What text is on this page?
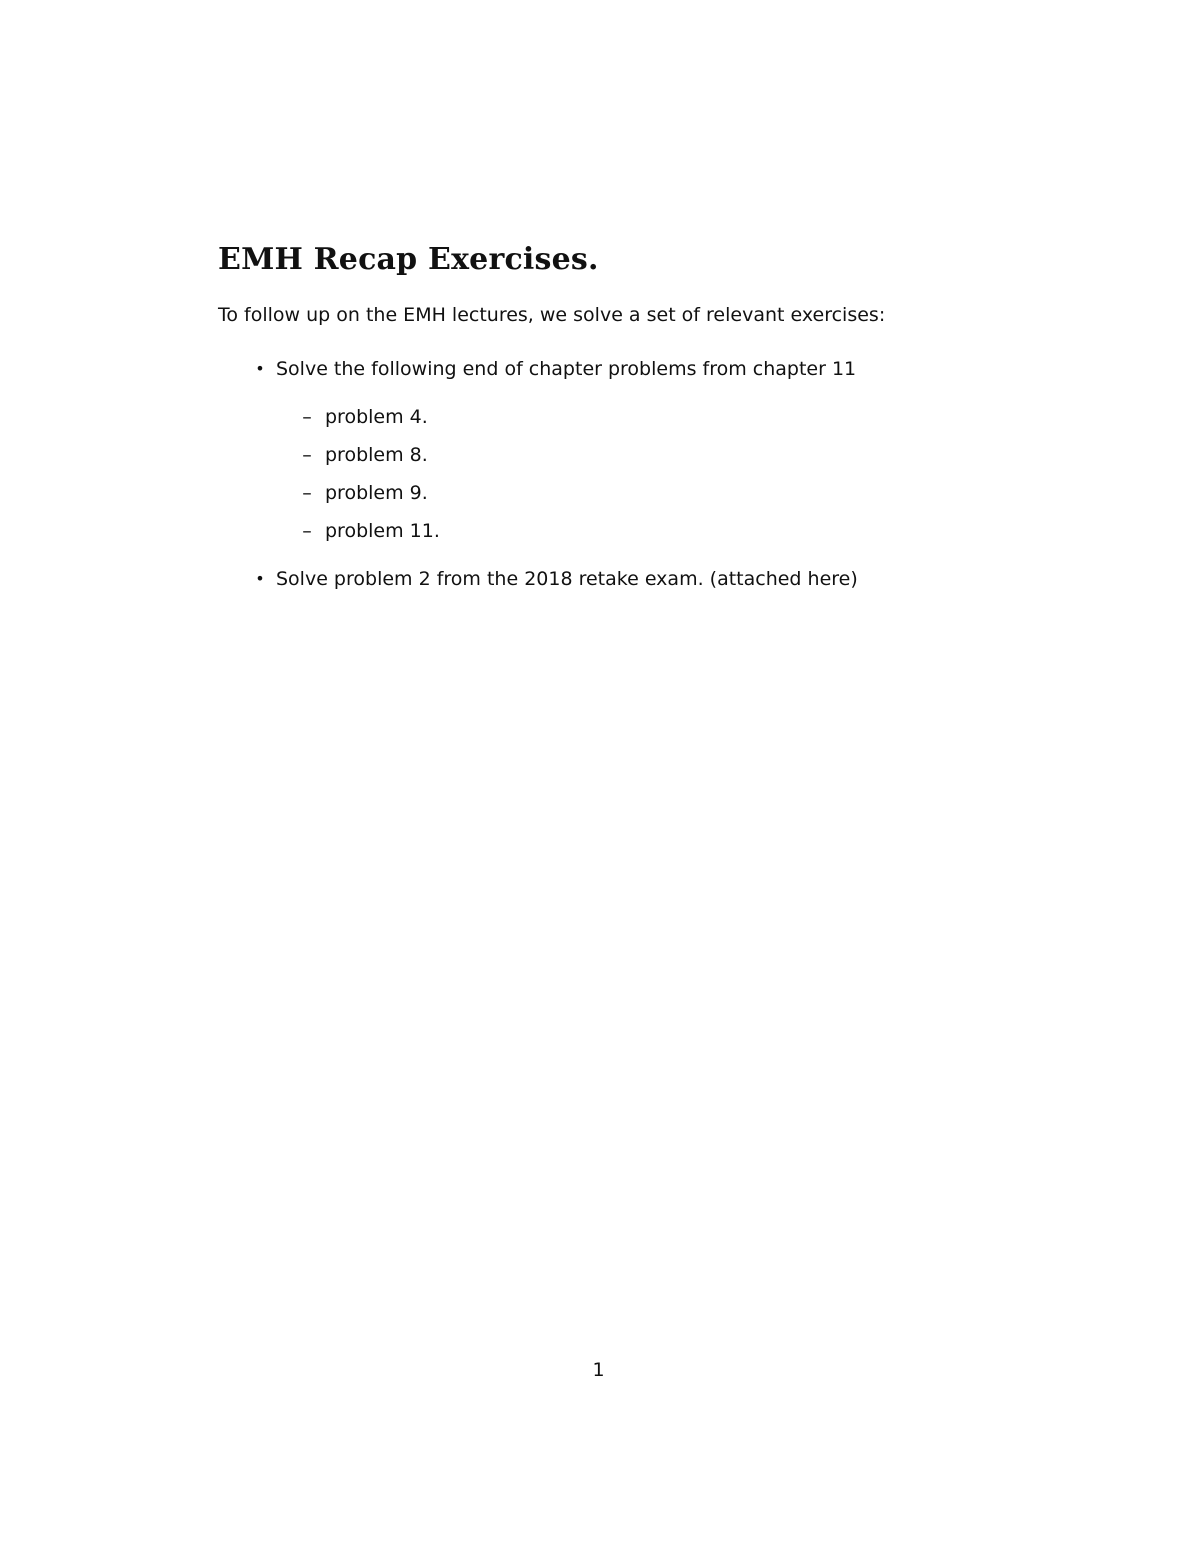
EMH Recap Exercises.

To follow up on the EMH lectures, we solve a set of relevant exercises:

• Solve the following end of chapter problems from chapter 11
– problem 4.
– problem 8.
– problem 9.
– problem 11.
• Solve problem 2 from the 2018 retake exam. (attached here)
1
